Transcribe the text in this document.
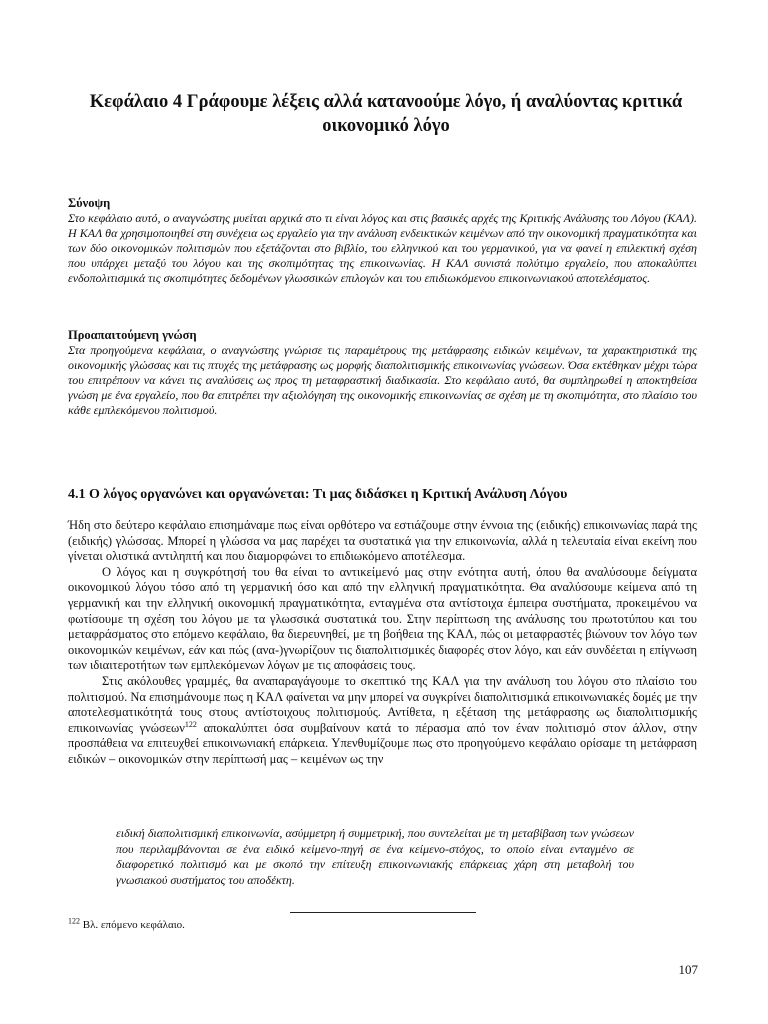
Κεφάλαιο 4 Γράφουμε λέξεις αλλά κατανοούμε λόγο, ή αναλύοντας κριτικά οικονομικό λόγο
Σύνοψη
Στο κεφάλαιο αυτό, ο αναγνώστης μυείται αρχικά στο τι είναι λόγος και στις βασικές αρχές της Κριτικής Ανάλυσης του Λόγου (ΚΑΛ). Η ΚΑΛ θα χρησιμοποιηθεί στη συνέχεια ως εργαλείο για την ανάλυση ενδεικτικών κειμένων από την οικονομική πραγματικότητα και των δύο οικονομικών πολιτισμών που εξετάζονται στο βιβλίο, του ελληνικού και του γερμανικού, για να φανεί η επιλεκτική σχέση που υπάρχει μεταξύ του λόγου και της σκοπιμότητας της επικοινωνίας. Η ΚΑΛ συνιστά πολύτιμο εργαλείο, που αποκαλύπτει ενδοπολιτισμικά τις σκοπιμότητες δεδομένων γλωσσικών επιλογών και του επιδιωκόμενου επικοινωνιακού αποτελέσματος.
Προαπαιτούμενη γνώση
Στα προηγούμενα κεφάλαια, ο αναγνώστης γνώρισε τις παραμέτρους της μετάφρασης ειδικών κειμένων, τα χαρακτηριστικά της οικονομικής γλώσσας και τις πτυχές της μετάφρασης ως μορφής διαπολιτισμικής επικοινωνίας γνώσεων. Όσα εκτέθηκαν μέχρι τώρα του επιτρέπουν να κάνει τις αναλύσεις ως προς τη μεταφραστική διαδικασία. Στο κεφάλαιο αυτό, θα συμπληρωθεί η αποκτηθείσα γνώση με ένα εργαλείο, που θα επιτρέπει την αξιολόγηση της οικονομικής επικοινωνίας σε σχέση με τη σκοπιμότητα, στο πλαίσιο του κάθε εμπλεκόμενου πολιτισμού.
4.1 Ο λόγος οργανώνει και οργανώνεται: Τι μας διδάσκει η Κριτική Ανάλυση Λόγου

Ήδη στο δεύτερο κεφάλαιο επισημάναμε πως είναι ορθότερο να εστιάζουμε στην έννοια της (ειδικής) επικοινωνίας παρά της (ειδικής) γλώσσας. Μπορεί η γλώσσα να μας παρέχει τα συστατικά για την επικοινωνία, αλλά η τελευταία είναι εκείνη που γίνεται ολιστικά αντιληπτή και που διαμορφώνει το επιδιωκόμενο αποτέλεσμα.

Ο λόγος και η συγκρότησή του θα είναι το αντικείμενό μας στην ενότητα αυτή, όπου θα αναλύσουμε δείγματα οικονομικού λόγου τόσο από τη γερμανική όσο και από την ελληνική πραγματικότητα. Θα αναλύσουμε κείμενα από τη γερμανική και την ελληνική οικονομική πραγματικότητα, ενταγμένα στα αντίστοιχα έμπειρα συστήματα, προκειμένου να φωτίσουμε τη σχέση του λόγου με τα γλωσσικά συστατικά του. Στην περίπτωση της ανάλυσης του πρωτοτύπου και του μεταφράσματος στο επόμενο κεφάλαιο, θα διερευνηθεί, με τη βοήθεια της ΚΑΛ, πώς οι μεταφραστές βιώνουν τον λόγο των οικονομικών κειμένων, εάν και πώς (ανα-)γνωρίζουν τις διαπολιτισμικές διαφορές στον λόγο, και εάν συνδέεται η επίγνωση των ιδιαιτεροτήτων των εμπλεκόμενων λόγων με τις αποφάσεις τους.

Στις ακόλουθες γραμμές, θα αναπαραγάγουμε το σκεπτικό της ΚΑΛ για την ανάλυση του λόγου στο πλαίσιο του πολιτισμού. Να επισημάνουμε πως η ΚΑΛ φαίνεται να μην μπορεί να συγκρίνει διαπολιτισμικά επικοινωνιακές δομές με την αποτελεσματικότητά τους στους αντίστοιχους πολιτισμούς. Αντίθετα, η εξέταση της μετάφρασης ως διαπολιτισμικής επικοινωνίας γνώσεων$^{122}$ αποκαλύπτει όσα συμβαίνουν κατά το πέρασμα από τον έναν πολιτισμό στον άλλον, στην προσπάθεια να επιτευχθεί επικοινωνιακή επάρκεια. Υπενθυμίζουμε πως στο προηγούμενο κεφάλαιο ορίσαμε τη μετάφραση ειδικών – οικονομικών στην περίπτωσή μας – κειμένων ως την

ειδική διαπολιτισμική επικοινωνία, ασύμμετρη ή συμμετρική, που συντελείται με τη μεταβίβαση των γνώσεων που περιλαμβάνονται σε ένα ειδικό κείμενο-πηγή σε ένα κείμενο-στόχος, το οποίο είναι ενταγμένο σε διαφορετικό πολιτισμό και με σκοπό την επίτευξη επικοινωνιακής επάρκειας χάρη στη μεταβολή του γνωσιακού συστήματος του αποδέκτη.
$^{122}$ Βλ. επόμενο κεφάλαιο.
107
